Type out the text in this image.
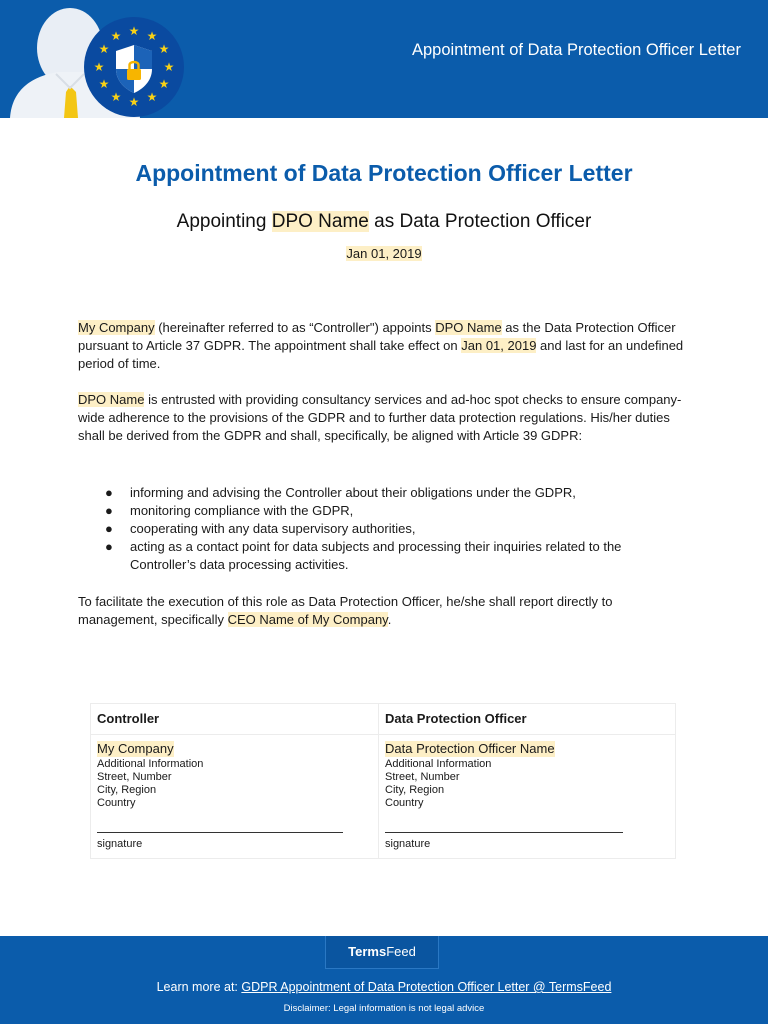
★ ★
★
★
★
★
★
★
★
★
★
★
Appointment of Data Protection Officer Letter
Appointment of Data Protection Officer Letter
Appointing DPO Name as Data Protection Officer
Jan 01, 2019

My Company (hereinafter referred to as “Controller") appoints DPO Name as the Data Protection Officer pursuant to Article 37 GDPR. The appointment shall take effect on Jan 01, 2019 and last for an undefined period of time.

DPO Name is entrusted with providing consultancy services and ad-hoc spot checks to ensure company-wide adherence to the provisions of the GDPR and to further data protection regulations. His/her duties shall be derived from the GDPR and shall, specifically, be aligned with Article 39 GDPR:

● informing and advising the Controller about their obligations under the GDPR,
● monitoring compliance with the GDPR,
● cooperating with any data supervisory authorities,
● acting as a contact point for data subjects and processing their inquiries related to the Controller’s data processing activities.

To facilitate the execution of this role as Data Protection Officer, he/she shall report directly to management, specifically CEO Name of My Company.

Controller
My Company
Additional Information
Street, Number
City, Region
Country
signature
Data Protection Officer
Data Protection Officer Name
Additional Information
Street, Number
City, Region
Country
signature
TermsFeed
Learn more at: GDPR Appointment of Data Protection Officer Letter @ TermsFeed
Disclaimer: Legal information is not legal advice
